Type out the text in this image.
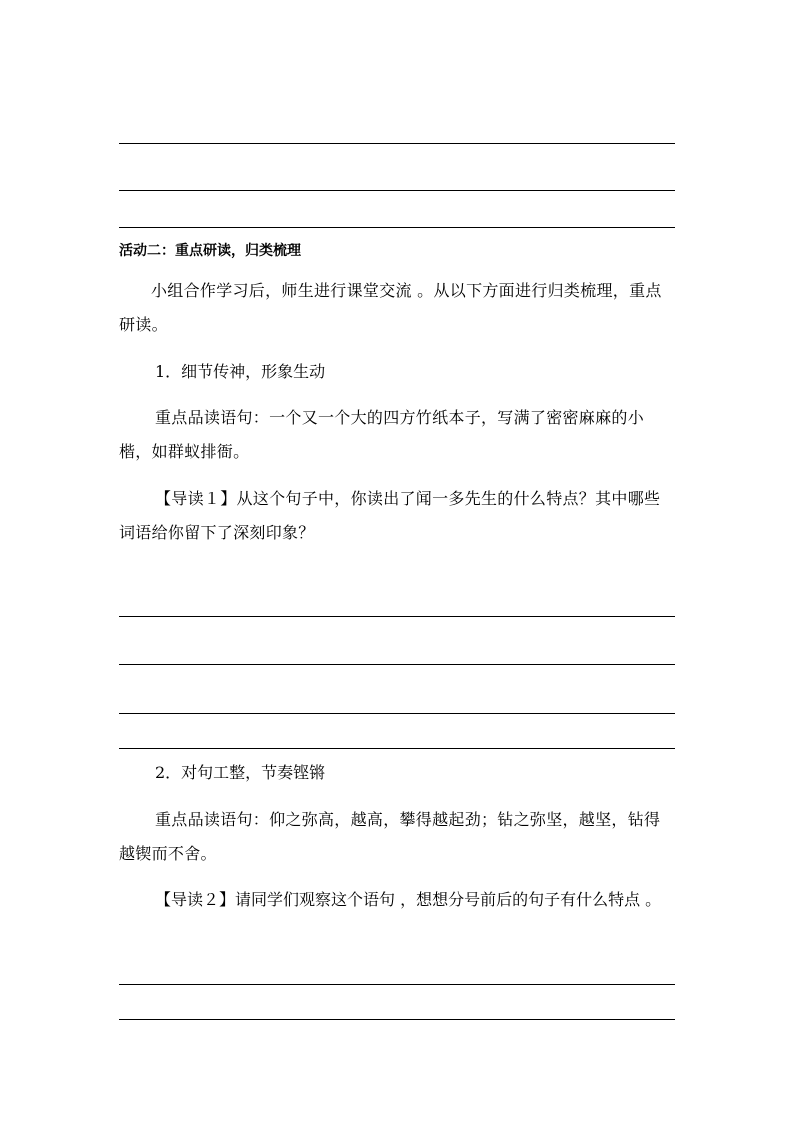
活动二：重点研读，归类梳理
小组合作学习后，师生进行课堂交流 。从以下方面进行归类梳理，重点研读。
1．细节传神，形象生动
重点品读语句：一个又一个大的四方竹纸本子，写满了密密麻麻的小楷，如群蚁排衙。
【导读１】从这个句子中，你读出了闻一多先生的什么特点？其中哪些词语给你留下了深刻印象？
2．对句工整，节奏铿锵
重点品读语句：仰之弥高，越高，攀得越起劲；钻之弥坚，越坚，钻得越锲而不舍。
【导读２】请同学们观察这个语句 ，想想分号前后的句子有什么特点 。
